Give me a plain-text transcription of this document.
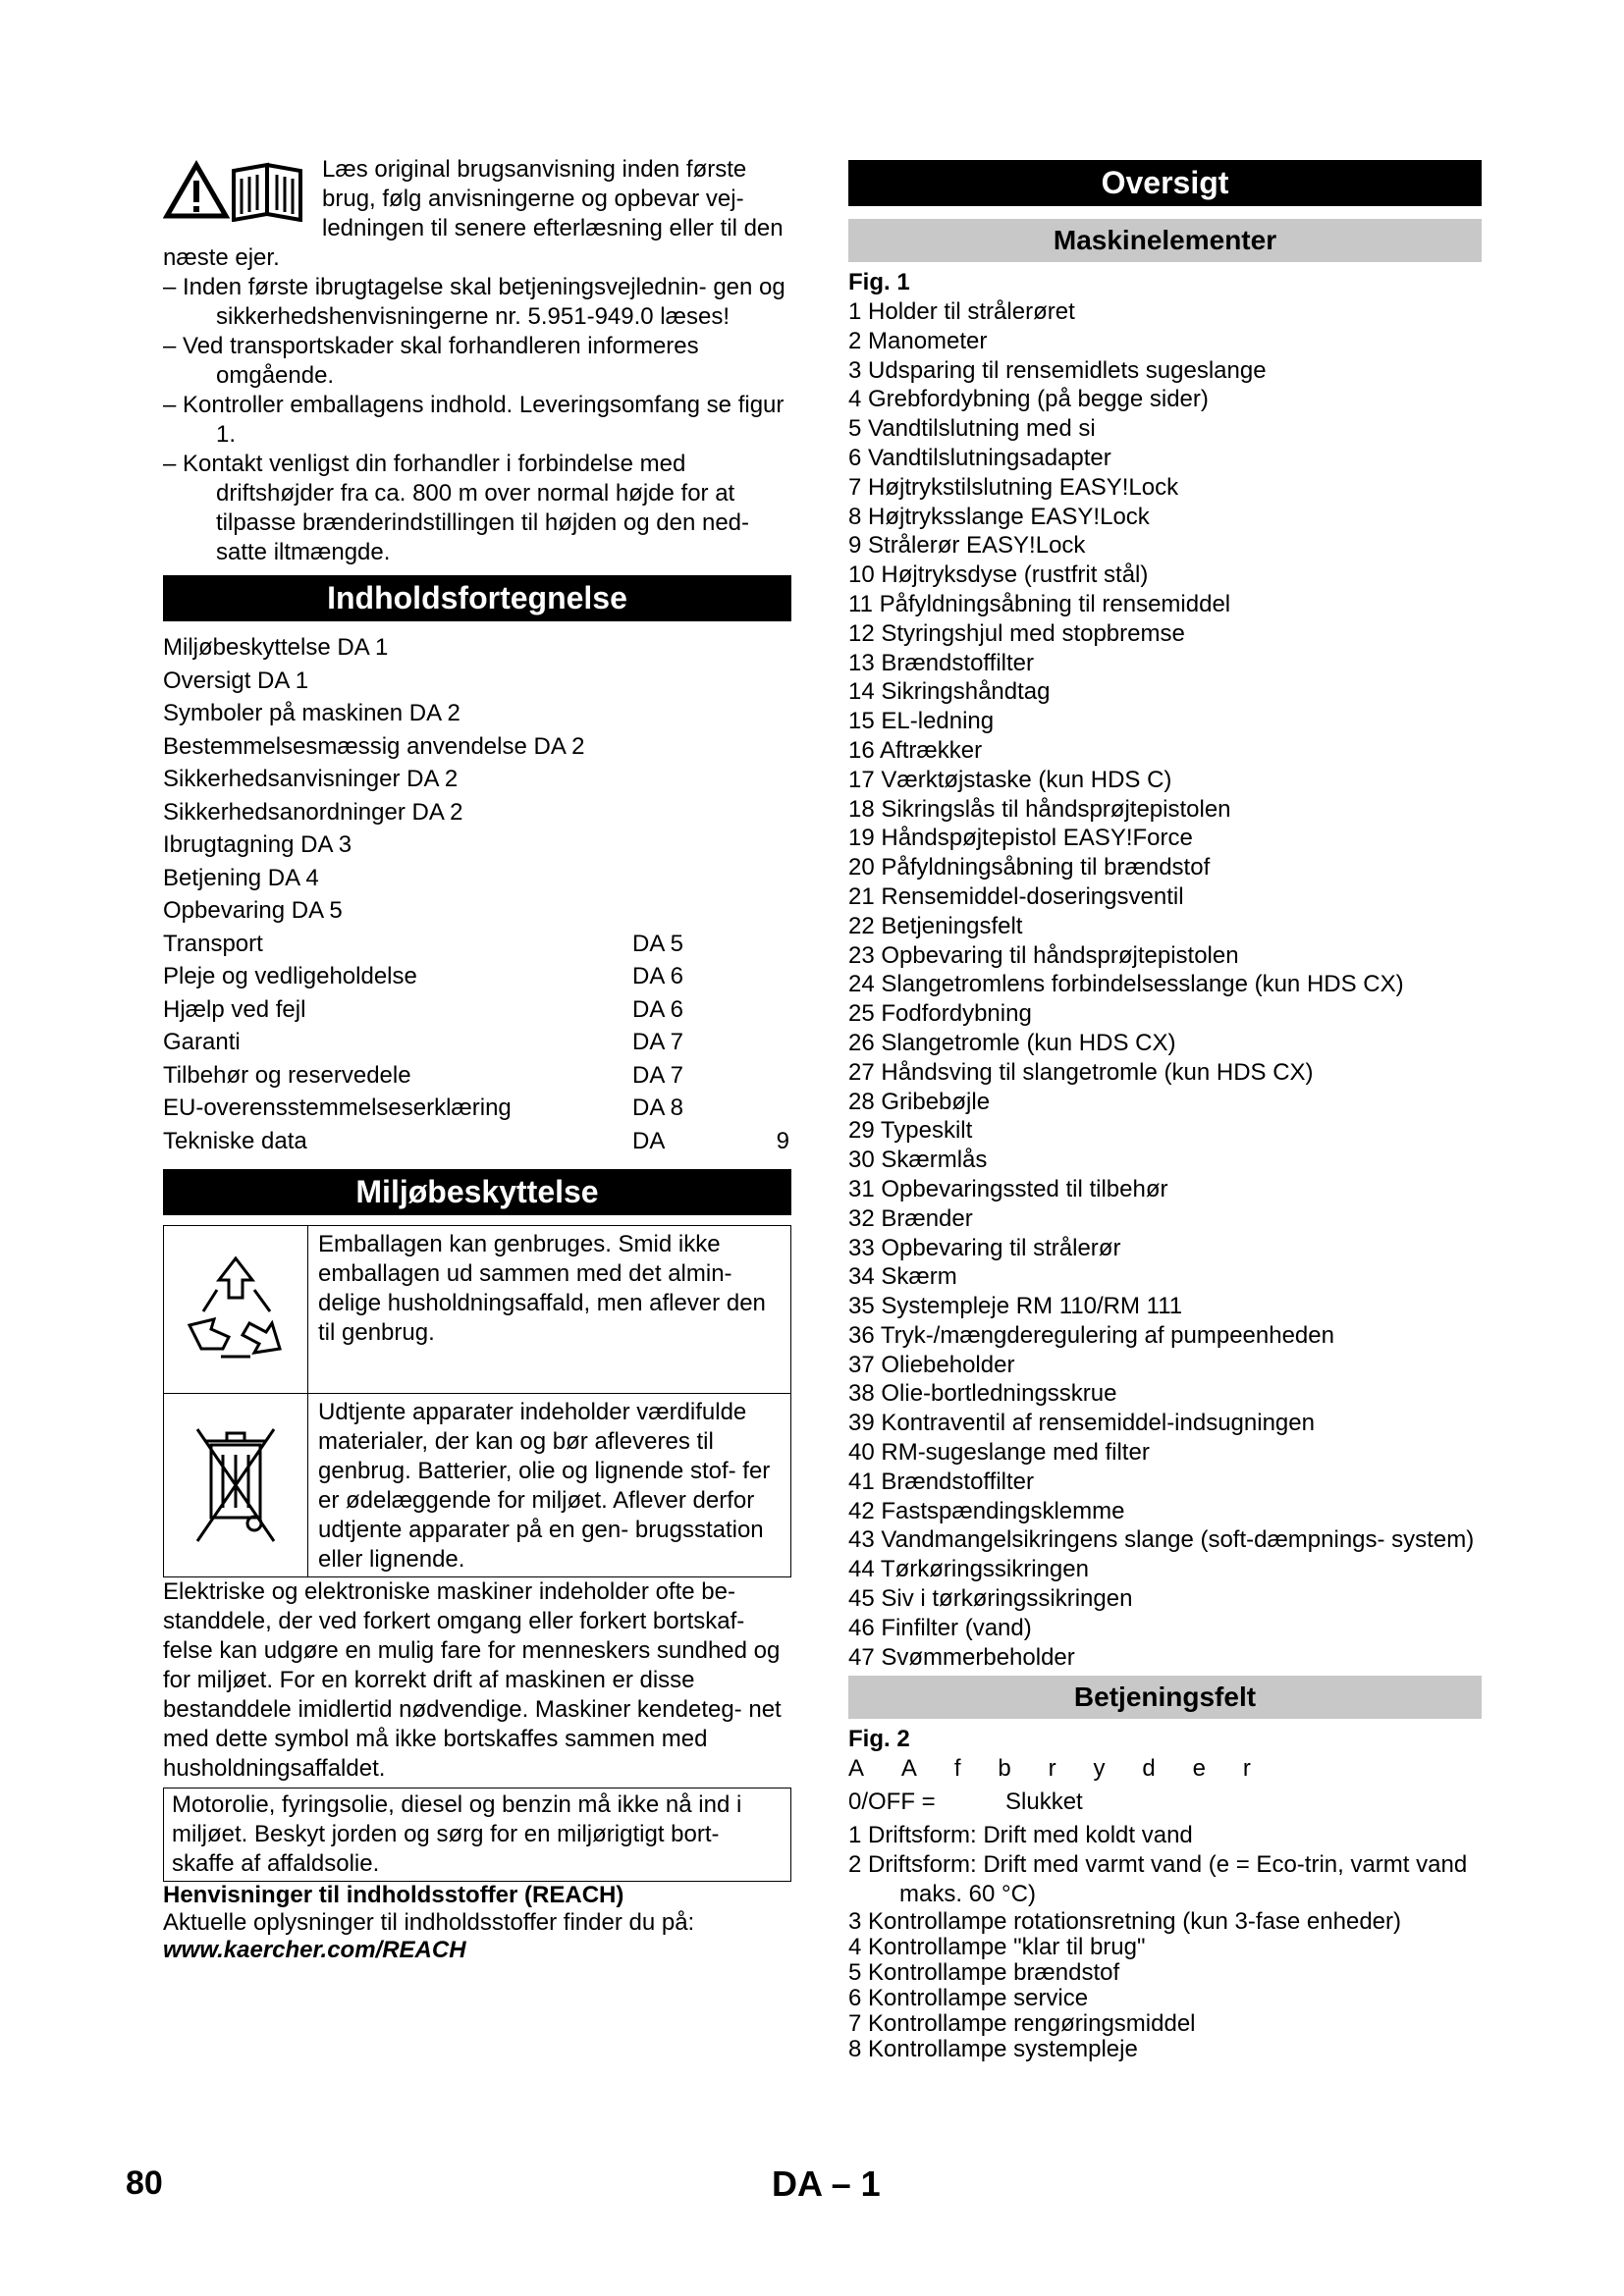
Læs original brugsanvisning inden første brug, følg anvisningerne og opbevar vej- ledningen til senere efterlæsning eller til den næste ejer.

– Inden første ibrugtagelse skal betjeningsvejlednin- gen og sikkerhedshenvisningerne nr. 5.951-949.0 læses!

– Ved transportskader skal forhandleren informeres omgående.

– Kontroller emballagens indhold. Leveringsomfang se figur 1.

– Kontakt venligst din forhandler i forbindelse med driftshøjder fra ca. 800 m over normal højde for at tilpasse brænderindstillingen til højden og den ned- satte iltmængde.

Indholdsfortegnelse
Miljøbeskyttelse DA 1
Oversigt DA 1
Symboler på maskinen DA 2
Bestemmelsesmæssig anvendelse DA 2
Sikkerhedsanvisninger DA 2
Sikkerhedsanordninger DA 2
Ibrugtagning DA 3
Betjening DA 4
Opbevaring DA 5
Transport	DA 5
Pleje og vedligeholdelse	DA 6
Hjælp ved fejl	DA 6
Garanti	DA 7
Tilbehør og reservedele	DA 7
EU-overensstemmelseserklæring	DA 8
Tekniske data	DA	9
Miljøbeskyttelse
Emballagen kan genbruges. Smid ikke emballagen ud sammen med det almin- delige husholdningsaffald, men aflever den til genbrug.
Udtjente apparater indeholder værdifulde materialer, der kan og bør afleveres til genbrug. Batterier, olie og lignende stof- fer er ødelæggende for miljøet. Aflever derfor udtjente apparater på en gen- brugsstation eller lignende.

Elektriske og elektroniske maskiner indeholder ofte be- standdele, der ved forkert omgang eller forkert bortskaf- felse kan udgøre en mulig fare for menneskers sundhed og for miljøet. For en korrekt drift af maskinen er disse bestanddele imidlertid nødvendige. Maskiner kendeteg- net med dette symbol må ikke bortskaffes sammen med husholdningsaffaldet.

Motorolie, fyringsolie, diesel og benzin må ikke nå ind i miljøet. Beskyt jorden og sørg for en miljørigtigt bort- skaffe af affaldsolie.

Henvisninger til indholdsstoffer (REACH)

Aktuelle oplysninger til indholdsstoffer finder du på:

www.kaercher.com/REACH

Oversigt
Maskinelementer
Fig. 1

1 Holder til strålerøret

2 Manometer

3 Udsparing til rensemidlets sugeslange

4 Grebfordybning (på begge sider)

5 Vandtilslutning med si

6 Vandtilslutningsadapter

7 Højtrykstilslutning EASY!Lock

8 Højtryksslange EASY!Lock

9 Strålerør EASY!Lock

10 Højtryksdyse (rustfrit stål)

11 Påfyldningsåbning til rensemiddel

12 Styringshjul med stopbremse

13 Brændstoffilter

14 Sikringshåndtag

15 EL-ledning

16 Aftrækker

17 Værktøjstaske (kun HDS C)

18 Sikringslås til håndsprøjtepistolen

19 Håndspøjtepistol EASY!Force

20 Påfyldningsåbning til brændstof

21 Rensemiddel-doseringsventil

22 Betjeningsfelt

23 Opbevaring til håndsprøjtepistolen

24 Slangetromlens forbindelsesslange (kun HDS CX)

25 Fodfordybning

26 Slangetromle (kun HDS CX)

27 Håndsving til slangetromle (kun HDS CX)

28 Gribebøjle

29 Typeskilt

30 Skærmlås

31 Opbevaringssted til tilbehør

32 Brænder

33 Opbevaring til strålerør

34 Skærm

35 Systempleje RM 110/RM 111

36 Tryk-/mængderegulering af pumpeenheden

37 Oliebeholder

38 Olie-bortledningsskrue

39 Kontraventil af rensemiddel-indsugningen

40 RM-sugeslange med filter

41 Brændstoffilter

42 Fastspændingsklemme

43 Vandmangelsikringens slange (soft-dæmpnings- system)

44 Tørkøringssikringen

45 Siv i tørkøringssikringen

46 Finfilter (vand)

47 Svømmerbeholder

Betjeningsfelt
Fig. 2
A A f b r y d e r
0/OFF =	Slukket

1 Driftsform: Drift med koldt vand

2 Driftsform: Drift med varmt vand (e = Eco-trin, varmt vand maks. 60 °C)

3 Kontrollampe rotationsretning (kun 3-fase enheder)

4 Kontrollampe "klar til brug"

5 Kontrollampe brændstof

6 Kontrollampe service

7 Kontrollampe rengøringsmiddel

8 Kontrollampe systempleje

80	DA – 1
